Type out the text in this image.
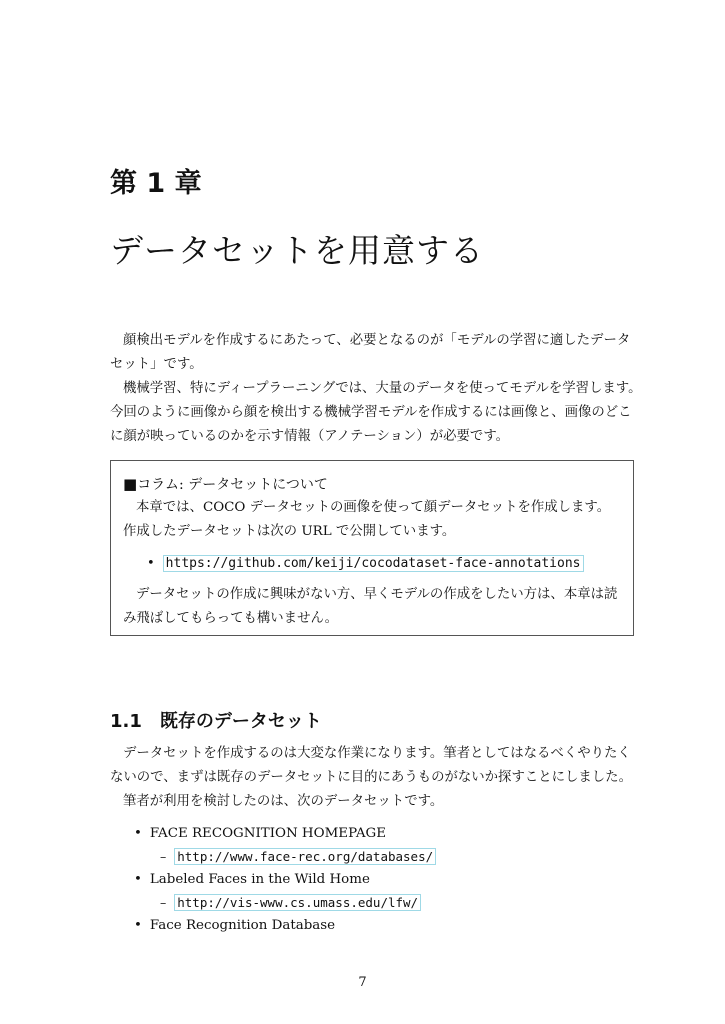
第 1 章
データセットを用意する

顔検出モデルを作成するにあたって、必要となるのが「モデルの学習に適したデータセット」です。

機械学習、特にディープラーニングでは、大量のデータを使ってモデルを学習します。今回のように画像から顔を検出する機械学習モデルを作成するには画像と、画像のどこに顔が映っているのかを示す情報（アノテーション）が必要です。

■コラム: データセットについて

本章では、COCO データセットの画像を使って顔データセットを作成します。作成したデータセットは次の URL で公開しています。

• https://github.com/keiji/cocodataset-face-annotations

データセットの作成に興味がない方、早くモデルの作成をしたい方は、本章は読み飛ばしてもらっても構いません。

1.1 既存のデータセット

データセットを作成するのは大変な作業になります。筆者としてはなるべくやりたくないので、まずは既存のデータセットに目的にあうものがないか探すことにしました。

筆者が利用を検討したのは、次のデータセットです。

• FACE RECOGNITION HOMEPAGE
– http://www.face-rec.org/databases/
• Labeled Faces in the Wild Home
– http://vis-www.cs.umass.edu/lfw/
• Face Recognition Database
7
